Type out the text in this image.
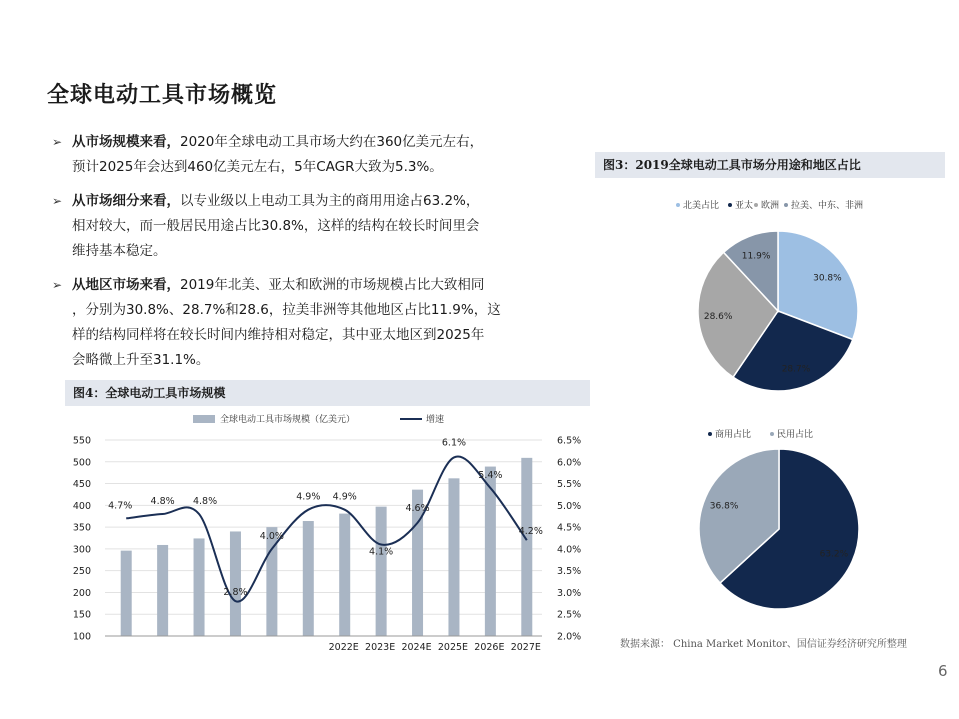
全球电动工具市场概览
➢ 从市场规模来看，2020年全球电动工具市场大约在360亿美元左右，
预计2025年会达到460亿美元左右，5年CAGR大致为5.3%。
➢ 从市场细分来看，以专业级以上电动工具为主的商用用途占63.2%，
相对较大，而一般居民用途占比30.8%，这样的结构在较长时间里会
维持基本稳定。
➢ 从地区市场来看，2019年北美、亚太和欧洲的市场规模占比大致相同
，分别为30.8%、28.7%和28.6，拉美非洲等其他地区占比11.9%，这
样的结构同样将在较长时间内维持相对稳定，其中亚太地区到2025年
会略微上升至31.1%。
图4：全球电动工具市场规模
图3：2019全球电动工具市场分用途和地区占比
全球电动工具市场规模（亿美元）	增速
100
150
200
250
300
350
400
450
500
550
2.0%
2.5%
3.0%
3.5%
4.0%
4.5%
5.0%
5.5%
6.0%
6.5%
2022E 2023E 2024E 2025E 2026E 2027E
4.7% 4.8% 4.8%
2.8%
4.0%
4.9% 4.9%
4.1%
4.6%
6.1%
5.4%
4.2%
30.8%
28.7%
28.6%
11.9%
北美占比 亚太 欧洲 拉美、中东、非洲
63.2%
36.8%
商用占比	民用占比
数据来源： China Market Monitor、国信证券经济研究所整理
6
